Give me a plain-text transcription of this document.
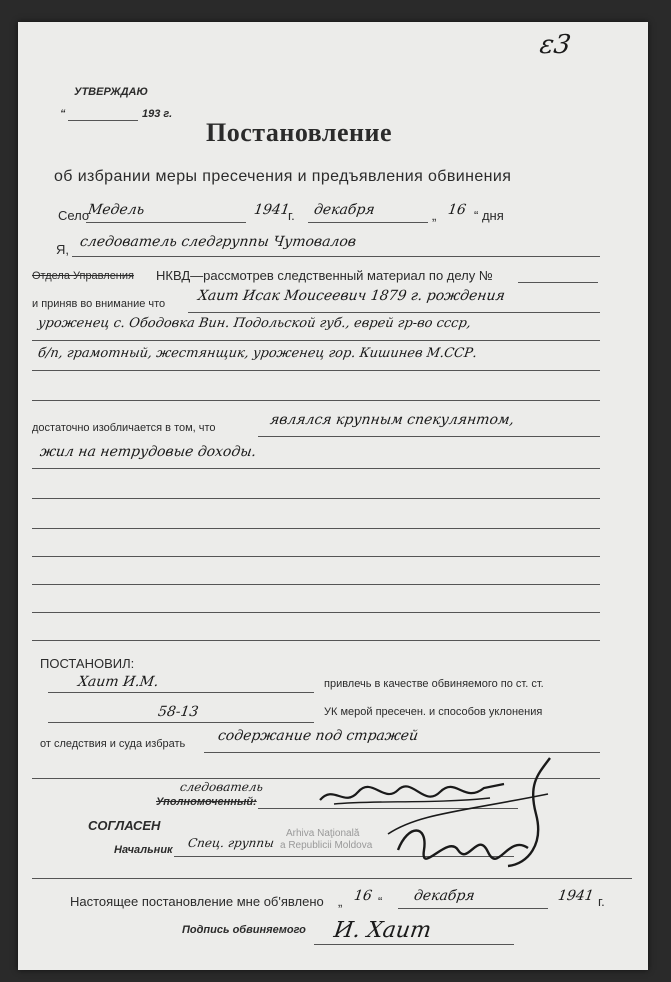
ε3
УТВЕРЖДАЮ
“	193 г.
Постановление
об избрании меры пресечения и предъявления обвинения
Село
Медель	1941
г. декабря	„ 16 “ дня
Я, следователь следгруппы Чутовалов
Отдела Управления НКВД—рассмотрев следственный материал по делу №
и приняв во внимание что Хаит Исак Моисеевич 1879 г. рождения
уроженец с. Ободовка Вин. Подольской губ., еврей гр-во ссср,
б/п, грамотный, жестянщик, уроженец гор. Кишинев М.ССР.
достаточно изобличается в том, что	являлся крупным спекулянтом,
жил на нетрудовые доходы.
ПОСТАНОВИЛ:
Хаит И.М.	привлечь в качестве обвиняемого по ст. ст.
58-13	УК мерой пресечен. и способов уклонения
от следствия и суда избрать содержание под стражей
следователь
Уполномоченный:
СОГЛАСЕН
Начальник Спец. группы
Arhiva Naţională
a Republicii Moldova
Настоящее постановление мне об'явлено „ 16 “ декабря	1941 г.
Подпись обвиняемого И. Хаит
